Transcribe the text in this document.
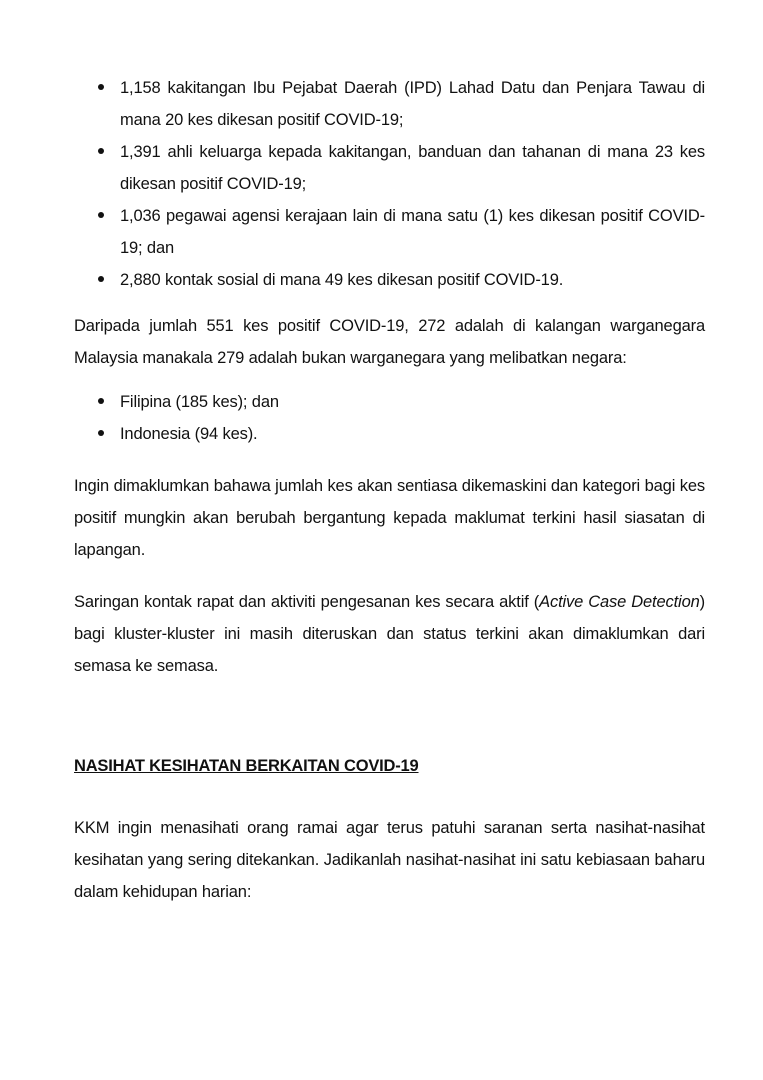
1,158 kakitangan Ibu Pejabat Daerah (IPD) Lahad Datu dan Penjara Tawau di mana 20 kes dikesan positif COVID-19;
1,391 ahli keluarga kepada kakitangan, banduan dan tahanan di mana 23 kes dikesan positif COVID-19;
1,036 pegawai agensi kerajaan lain di mana satu (1) kes dikesan positif COVID-19; dan
2,880 kontak sosial di mana 49 kes dikesan positif COVID-19.

Daripada jumlah 551 kes positif COVID-19, 272 adalah di kalangan warganegara Malaysia manakala 279 adalah bukan warganegara yang melibatkan negara:

Filipina (185 kes); dan
Indonesia (94 kes).

Ingin dimaklumkan bahawa jumlah kes akan sentiasa dikemaskini dan kategori bagi kes positif mungkin akan berubah bergantung kepada maklumat terkini hasil siasatan di lapangan.

Saringan kontak rapat dan aktiviti pengesanan kes secara aktif (Active Case Detection) bagi kluster-kluster ini masih diteruskan dan status terkini akan dimaklumkan dari semasa ke semasa.

NASIHAT KESIHATAN BERKAITAN COVID-19

KKM ingin menasihati orang ramai agar terus patuhi saranan serta nasihat-nasihat kesihatan yang sering ditekankan. Jadikanlah nasihat-nasihat ini satu kebiasaan baharu dalam kehidupan harian:
